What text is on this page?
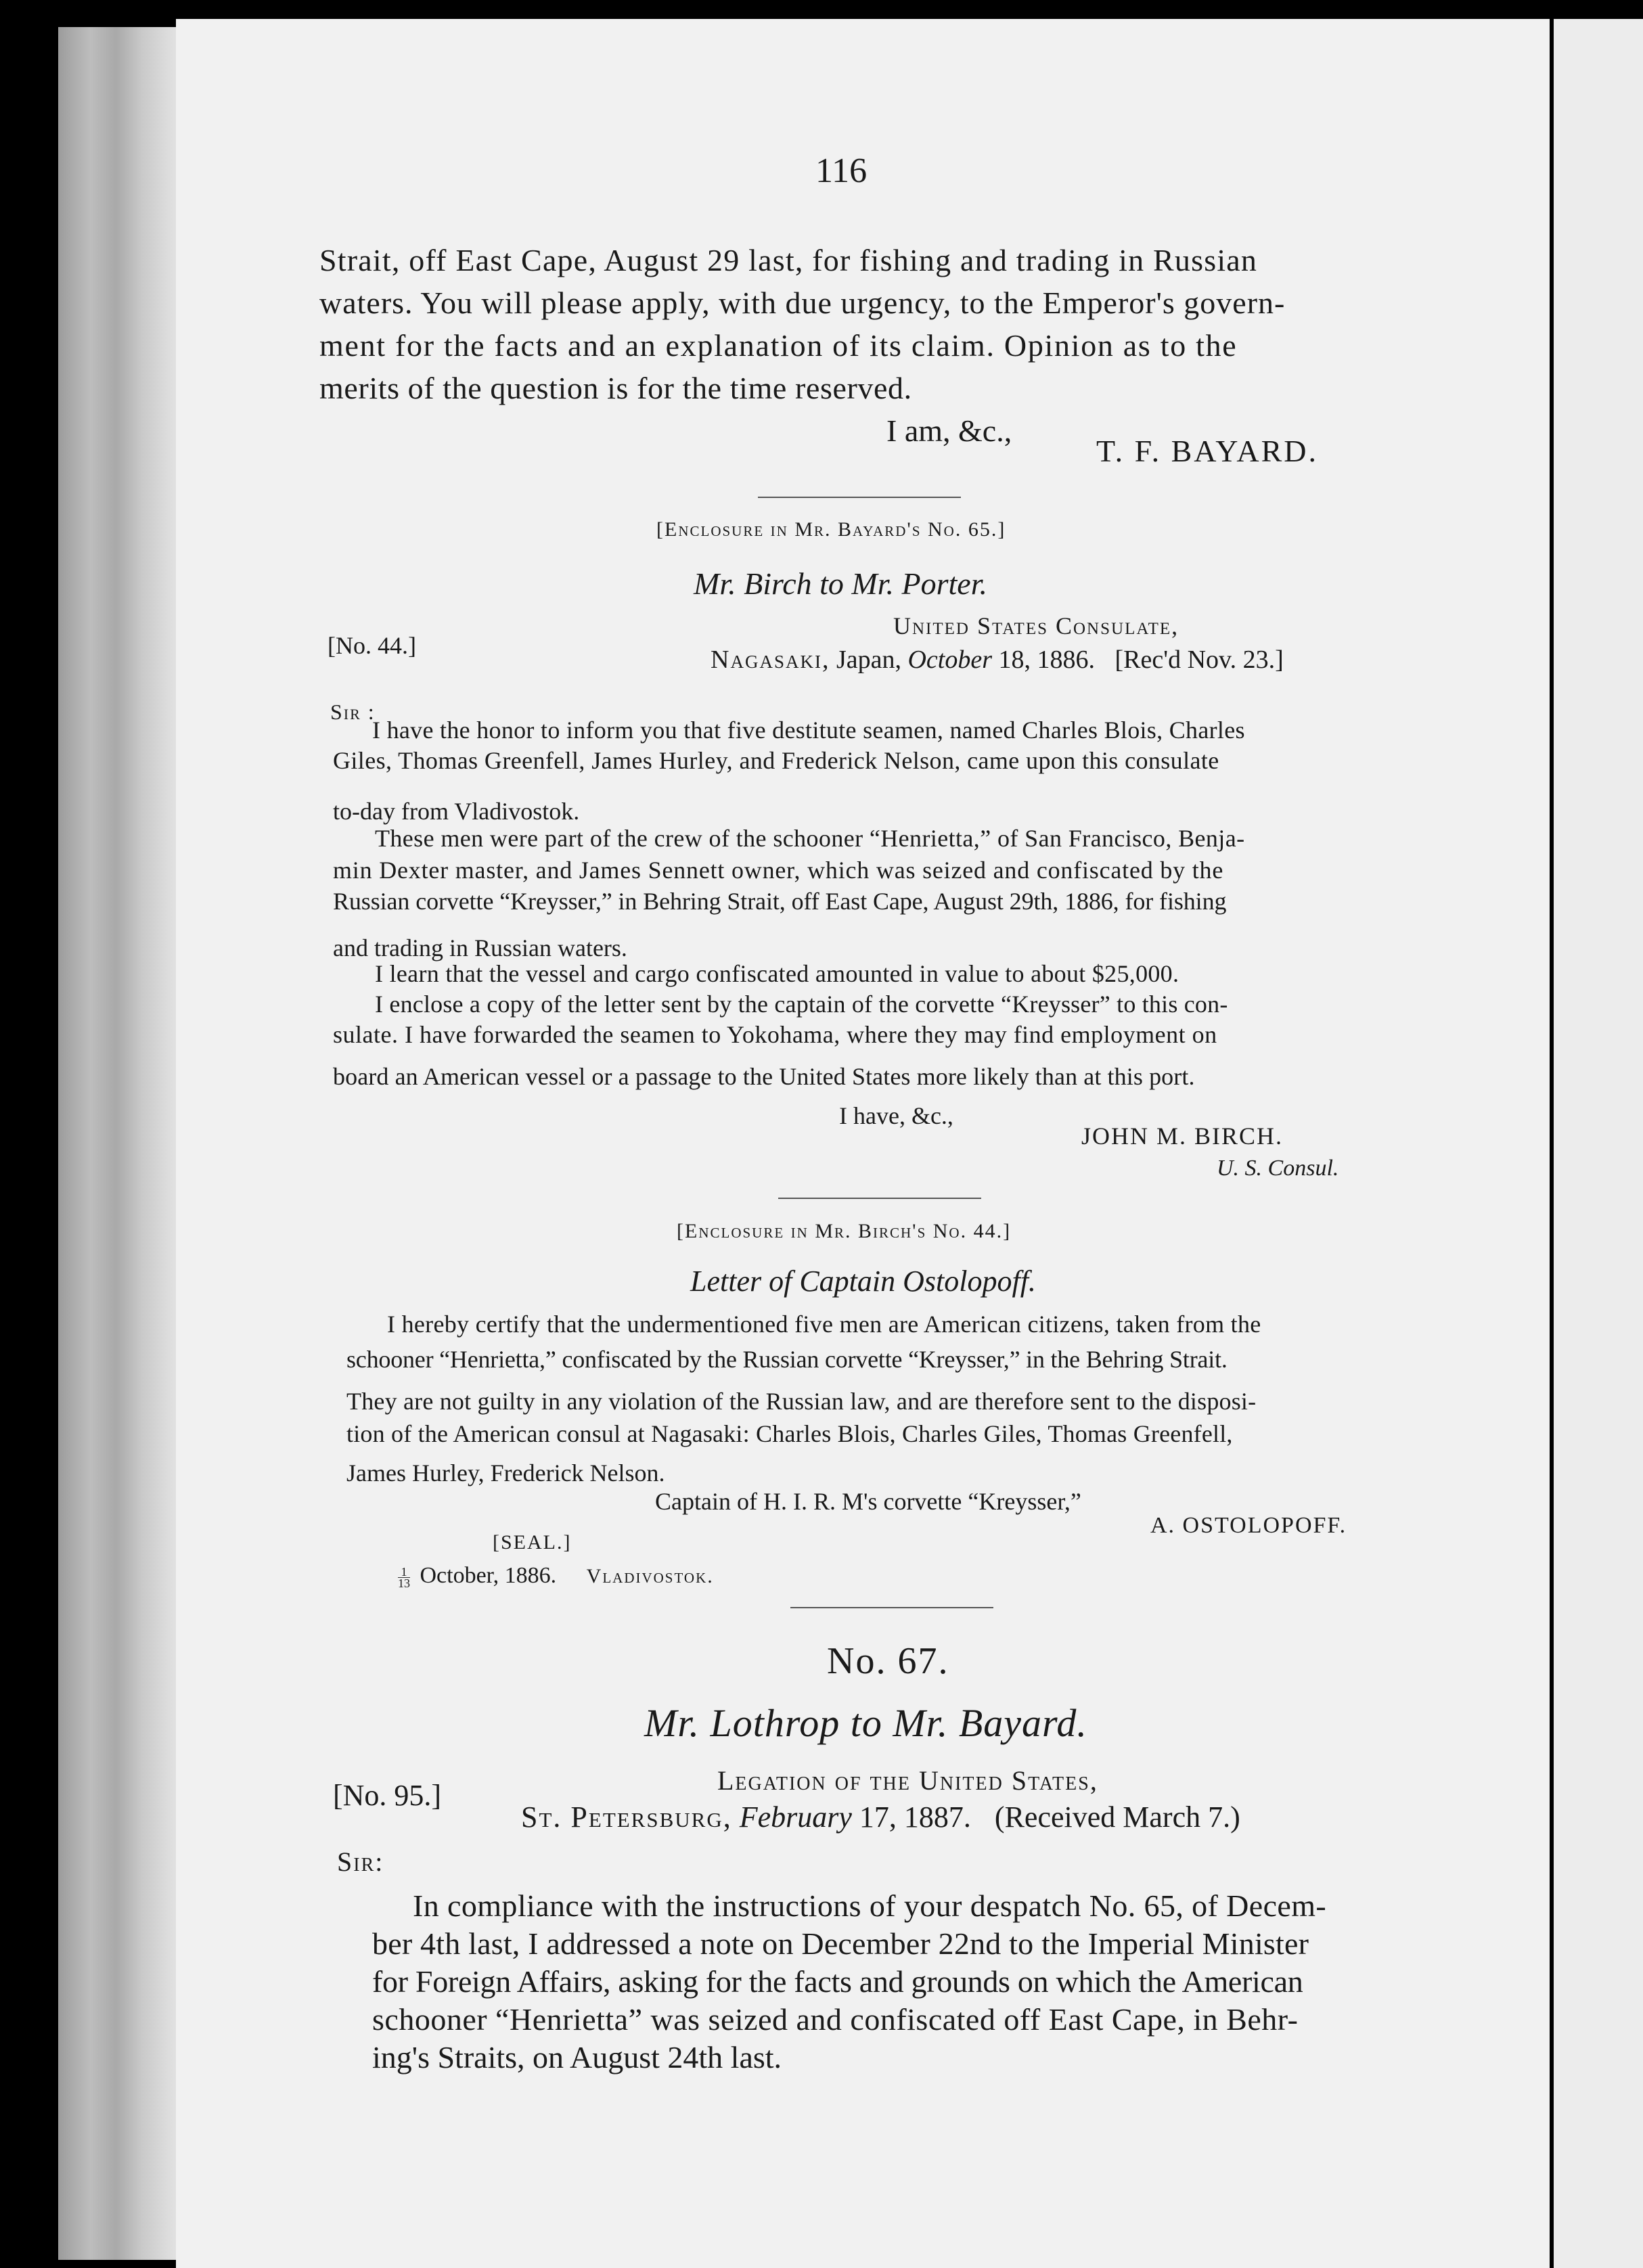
116
Strait, off East Cape, August 29 last, for fishing and trading in Russian
waters. You will please apply, with due urgency, to the Emperor's govern-
ment for the facts and an explanation of its claim. Opinion as to the
merits of the question is for the time reserved.
I am, &c.,
T. F. BAYARD.
[Enclosure in Mr. Bayard's No. 65.]
Mr. Birch to Mr. Porter.
[No. 44.]
United States Consulate,
Nagasaki, Japan, October 18, 1886. [Rec'd Nov. 23.]
Sir :
I have the honor to inform you that five destitute seamen, named Charles Blois, Charles
Giles, Thomas Greenfell, James Hurley, and Frederick Nelson, came upon this consulate
to-day from Vladivostok.
These men were part of the crew of the schooner “Henrietta,” of San Francisco, Benja-
min Dexter master, and James Sennett owner, which was seized and confiscated by the
Russian corvette “Kreysser,” in Behring Strait, off East Cape, August 29th, 1886, for fishing
and trading in Russian waters.
I learn that the vessel and cargo confiscated amounted in value to about $25,000.
I enclose a copy of the letter sent by the captain of the corvette “Kreysser” to this con-
sulate. I have forwarded the seamen to Yokohama, where they may find employment on
board an American vessel or a passage to the United States more likely than at this port.
I have, &c.,
JOHN M. BIRCH.
U. S. Consul.
[Enclosure in Mr. Birch's No. 44.]
Letter of Captain Ostolopoff.
I hereby certify that the undermentioned five men are American citizens, taken from the
schooner “Henrietta,” confiscated by the Russian corvette “Kreysser,” in the Behring Strait.
They are not guilty in any violation of the Russian law, and are therefore sent to the disposi-
tion of the American consul at Nagasaki: Charles Blois, Charles Giles, Thomas Greenfell,
James Hurley, Frederick Nelson.
Captain of H. I. R. M's corvette “Kreysser,”
A. OSTOLOPOFF.
[SEAL.]
$\frac{1}{13}$ October, 1886. Vladivostok.
No. 67.
Mr. Lothrop to Mr. Bayard.
[No. 95.]	Legation of the United States,
St. Petersburg, February 17, 1887. (Received March 7.)
Sir:
In compliance with the instructions of your despatch No. 65, of Decem-
ber 4th last, I addressed a note on December 22nd to the Imperial Minister
for Foreign Affairs, asking for the facts and grounds on which the American
schooner “Henrietta” was seized and confiscated off East Cape, in Behr-
ing's Straits, on August 24th last.
